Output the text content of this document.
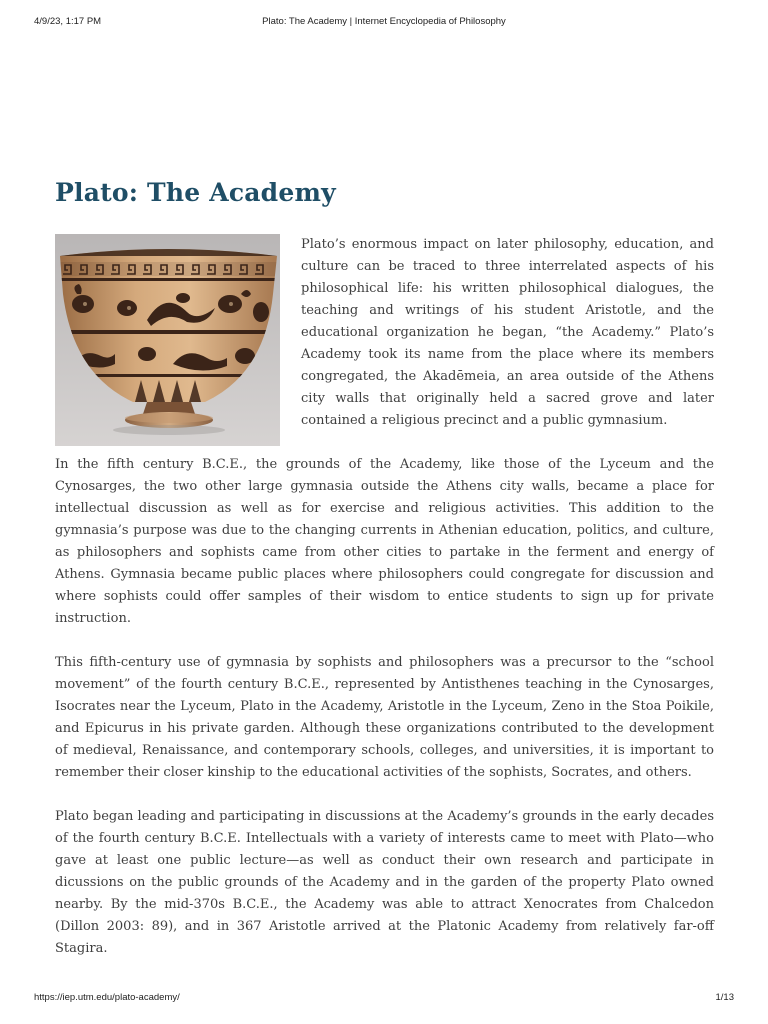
4/9/23, 1:17 PM	Plato: The Academy | Internet Encyclopedia of Philosophy
Plato: The Academy

Plato’s enormous impact on later philosophy, education, and culture can be traced to three interrelated aspects of his philosophical life: his written philosophical dialogues, the teaching and writings of his student Aristotle, and the educational organization he began, “the Academy.” Plato’s Academy took its name from the place where its members congregated, the Akadēmeia, an area outside of the Athens city walls that originally held a sacred grove and later contained a religious precinct and a public gymnasium.

In the fifth century B.C.E., the grounds of the Academy, like those of the Lyceum and the Cynosarges, the two other large gymnasia outside the Athens city walls, became a place for intellectual discussion as well as for exercise and religious activities. This addition to the gymnasia’s purpose was due to the changing currents in Athenian education, politics, and culture, as philosophers and sophists came from other cities to partake in the ferment and energy of Athens. Gymnasia became public places where philosophers could congregate for discussion and where sophists could offer samples of their wisdom to entice students to sign up for private instruction.

This fifth-century use of gymnasia by sophists and philosophers was a precursor to the “school movement” of the fourth century B.C.E., represented by Antisthenes teaching in the Cynosarges, Isocrates near the Lyceum, Plato in the Academy, Aristotle in the Lyceum, Zeno in the Stoa Poikile, and Epicurus in his private garden. Although these organizations contributed to the development of medieval, Renaissance, and contemporary schools, colleges, and universities, it is important to remember their closer kinship to the educational activities of the sophists, Socrates, and others.

Plato began leading and participating in discussions at the Academy’s grounds in the early decades of the fourth century B.C.E. Intellectuals with a variety of interests came to meet with Plato—who gave at least one public lecture—as well as conduct their own research and participate in dicussions on the public grounds of the Academy and in the garden of the property Plato owned nearby. By the mid-370s B.C.E., the Academy was able to attract Xenocrates from Chalcedon (Dillon 2003: 89), and in 367 Aristotle arrived at the Platonic Academy from relatively far-off Stagira.

https://iep.utm.edu/plato-academy/	1/13
